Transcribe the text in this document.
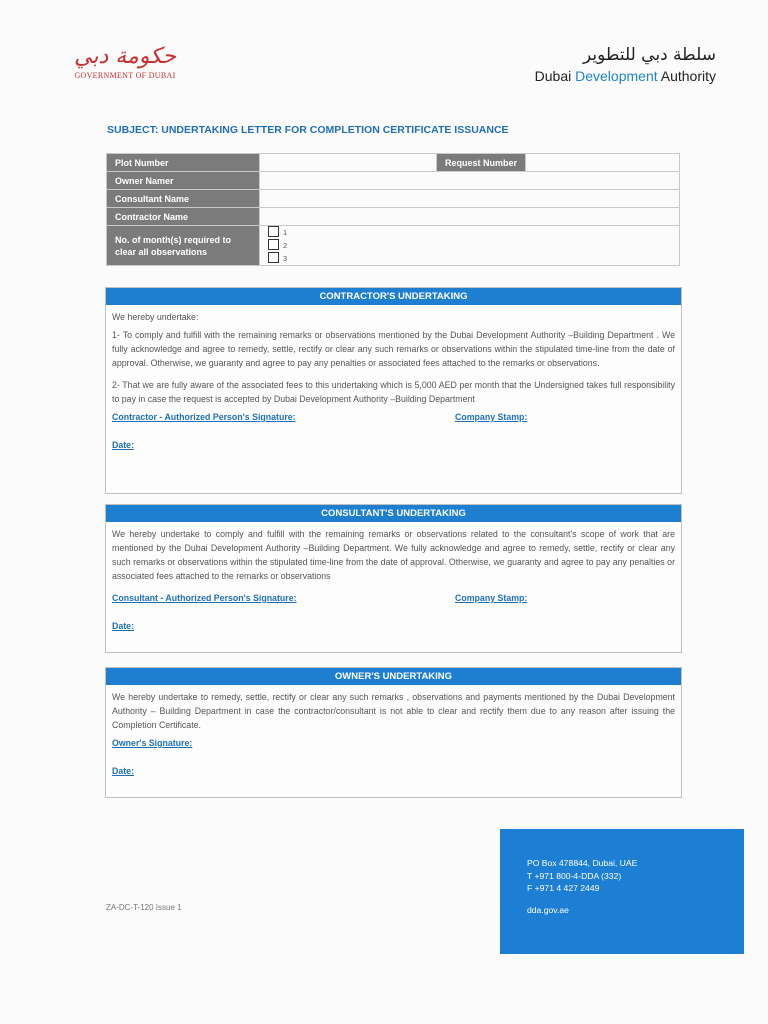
حكومة دبي
GOVERNMENT OF DUBAI
سلطة دبي للتطوير
Dubai Development Authority
SUBJECT: UNDERTAKING LETTER FOR COMPLETION CERTIFICATE ISSUANCE
Plot Number		Request Number	
Owner Namer			
Consultant Name			
Contractor Name			
No. of month(s) required to clear all observations	1
2
3		
CONTRACTOR'S UNDERTAKING

We hereby undertake:

1- To comply and fulfill with the remaining remarks or observations mentioned by the Dubai Development Authority –Building Department . We fully acknowledge and agree to remedy, settle, rectify or clear any such remarks or observations within the stipulated time-line from the date of approval. Otherwise, we guaranty and agree to pay any penalties or associated fees attached to the remarks or observations.

2- That we are fully aware of the associated fees to this undertaking which is 5,000 AED per month that the Undersigned takes full responsibility to pay in case the request is accepted by Dubai Development Authority –Building Department

Contractor - Authorized Person's Signature:	Company Stamp:
Date:
CONSULTANT'S UNDERTAKING

We hereby undertake to comply and fulfill with the remaining remarks or observations related to the consultant's scope of work that are mentioned by the Dubai Development Authority –Building Department. We fully acknowledge and agree to remedy, settle, rectify or clear any such remarks or observations within the stipulated time-line from the date of approval. Otherwise, we guaranty and agree to pay any penalties or associated fees attached to the remarks or observations

Consultant - Authorized Person's Signature:	Company Stamp:
Date:
OWNER'S UNDERTAKING

We hereby undertake to remedy, settle, rectify or clear any such remarks , observations and payments mentioned by the Dubai Development Authority – Building Department in case the contractor/consultant is not able to clear and rectify them due to any reason after issuing the Completion Certificate.

Owner's Signature:
Date:
ZA-DC-T-120 Issue 1
PO Box 478844, Dubai, UAE
T +971 800-4-DDA (332)
F +971 4 427 2449
dda.gov.ae
